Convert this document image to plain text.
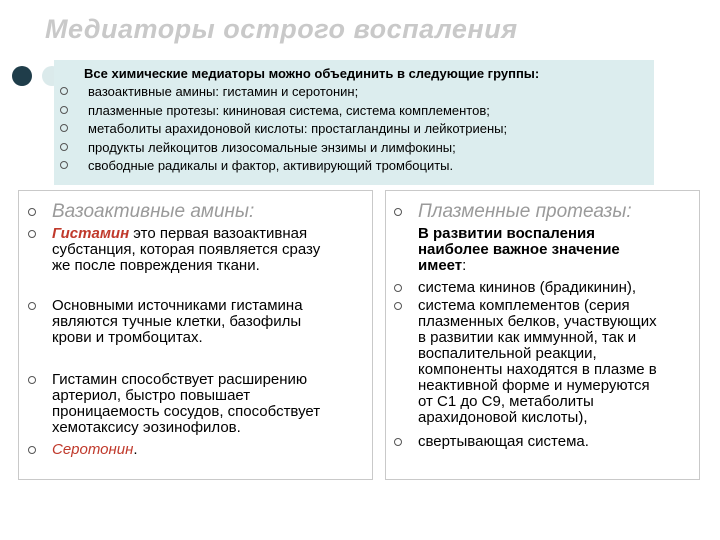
Медиаторы острого воспаления
Все химические медиаторы можно объединить в следующие группы:
вазоактивные амины: гистамин и серотонин;
плазменные протезы: кининовая система, система комплементов;
метаболиты арахидоновой кислоты: простагландины и лейкотриены;
продукты лейкоцитов лизосомальные энзимы и лимфокины;
свободные радикалы и фактор, активирующий тромбоциты.
Вазоактивные амины:
Гистамин это первая вазоактивная
субстанция, которая появляется сразу
же после повреждения ткани.
Основными источниками гистамина
являются тучные клетки, базофилы
крови и тромбоцитах.
Гистамин способствует расширению
артериол, быстро повышает
проницаемость сосудов, способствует
хемотаксису эозинофилов.
Серотонин.
Плазменные протеазы:
В развитии воспаления
наиболее важное значение
имеет:
система кининов (брадикинин),
система комплементов (серия
плазменных белков, участвующих
в развитии как иммунной, так и
воспалительной реакции,
компоненты находятся в плазме в
неактивной форме и нумеруются
от С1 до С9, метаболиты
арахидоновой кислоты),
свертывающая система.
